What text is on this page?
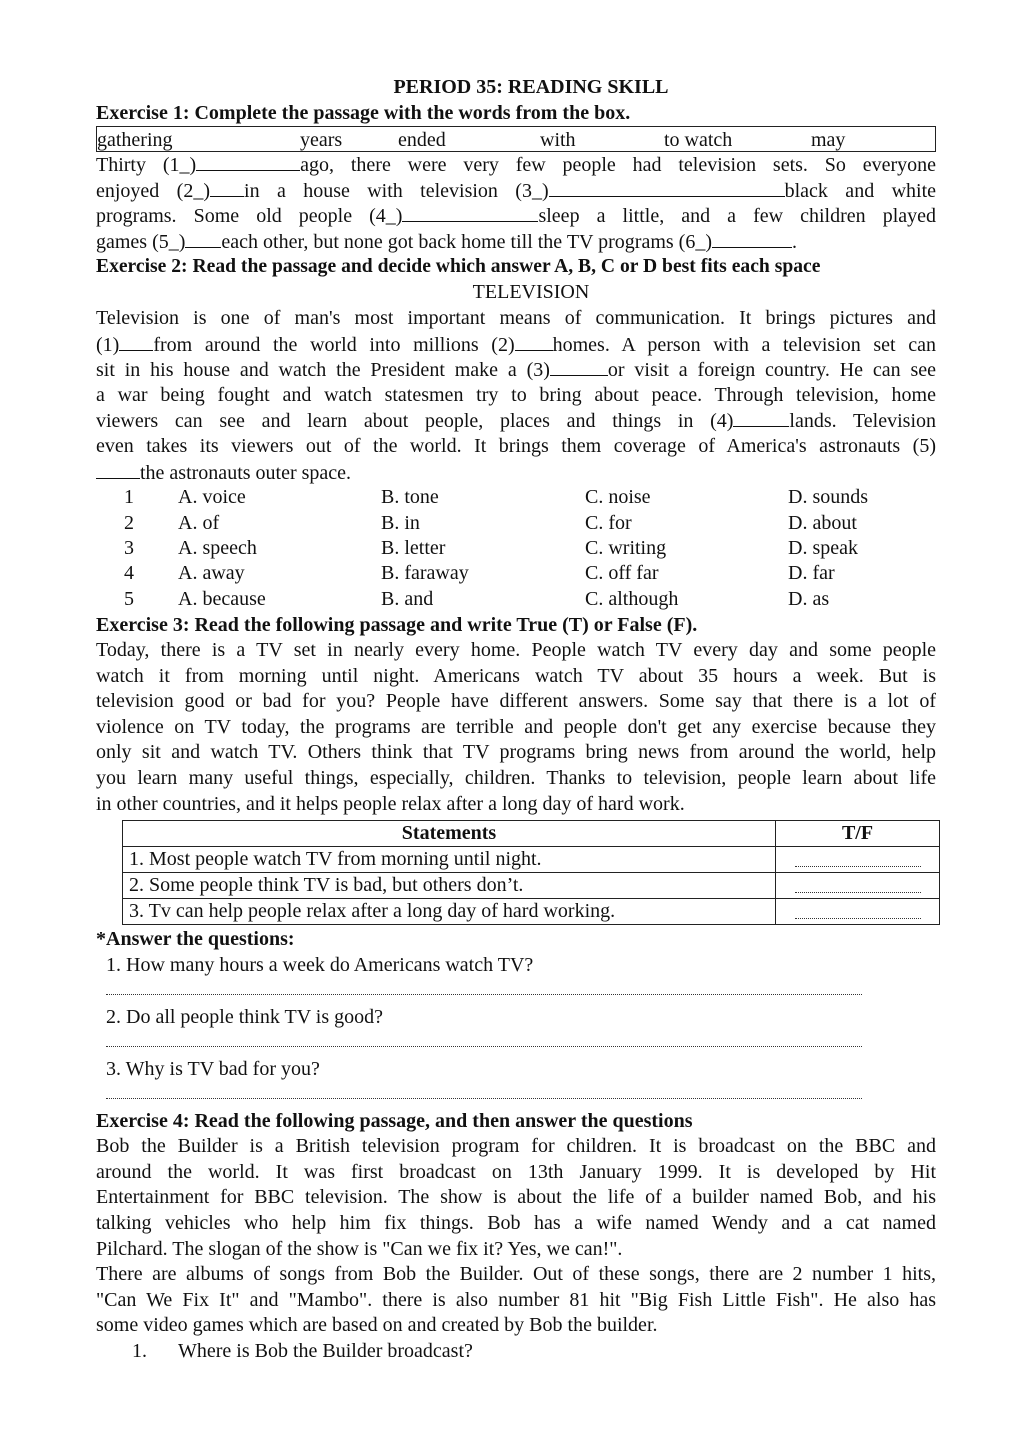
PERIOD 35: READING SKILL
Exercise 1: Complete the passage with the words from the box.
gathering	years	ended	with	to watch	may
Thirty (1_)	ago, there were very few people had television sets. So everyone
enjoyed (2_) in a house with television (3_)	black and white
programs. Some old people (4_)	sleep a little, and a few children played
games (5_) each other, but none got back home till the TV programs (6_)	.
Exercise 2: Read the passage and decide which answer A, B, C or D best fits each space
TELEVISION
Television is one of man's most important means of communication. It brings pictures and
(1) from around the world into millions (2) homes. A person with a television set can
sit in his house and watch the President make a (3)	or visit a foreign country. He can see
a war being fought and watch statesmen try to bring about peace. Through television, home
viewers can see and learn about people, places and things in (4)	lands. Television
even takes its viewers out of the world. It brings them coverage of America's astronauts (5)
the astronauts outer space.
1 A. voice	B. tone	C. noise	D. sounds
2 A. of	B. in	C. for	D. about
3 A. speech	B. letter	C. writing	D. speak
4 A. away	B. faraway	C. off far	D. far
5 A. because	B. and	C. although	D. as
Exercise 3: Read the following passage and write True (T) or False (F).
Today, there is a TV set in nearly every home. People watch TV every day and some people
watch it from morning until night. Americans watch TV about 35 hours a week. But is
television good or bad for you? People have different answers. Some say that there is a lot of
violence on TV today, the programs are terrible and people don't get any exercise because they
only sit and watch TV. Others think that TV programs bring news from around the world, help
you learn many useful things, especially, children. Thanks to television, people learn about life
in other countries, and it helps people relax after a long day of hard work.
Statements	T/F
1. Most people watch TV from morning until night.	

2. Some people think TV is bad, but others don’t.	

3. Tv can help people relax after a long day of hard working.	
*Answer the questions:
1. How many hours a week do Americans watch TV?
2. Do all people think TV is good?
3. Why is TV bad for you?
Exercise 4: Read the following passage, and then answer the questions
Bob the Builder is a British television program for children. It is broadcast on the BBC and
around the world. It was first broadcast on 13th January 1999. It is developed by Hit
Entertainment for BBC television. The show is about the life of a builder named Bob, and his
talking vehicles who help him fix things. Bob has a wife named Wendy and a cat named
Pilchard. The slogan of the show is "Can we fix it? Yes, we can!".
There are albums of songs from Bob the Builder. Out of these songs, there are 2 number 1 hits,
"Can We Fix It" and "Mambo". there is also number 81 hit "Big Fish Little Fish". He also has
some video games which are based on and created by Bob the builder.
1. Where is Bob the Builder broadcast?
